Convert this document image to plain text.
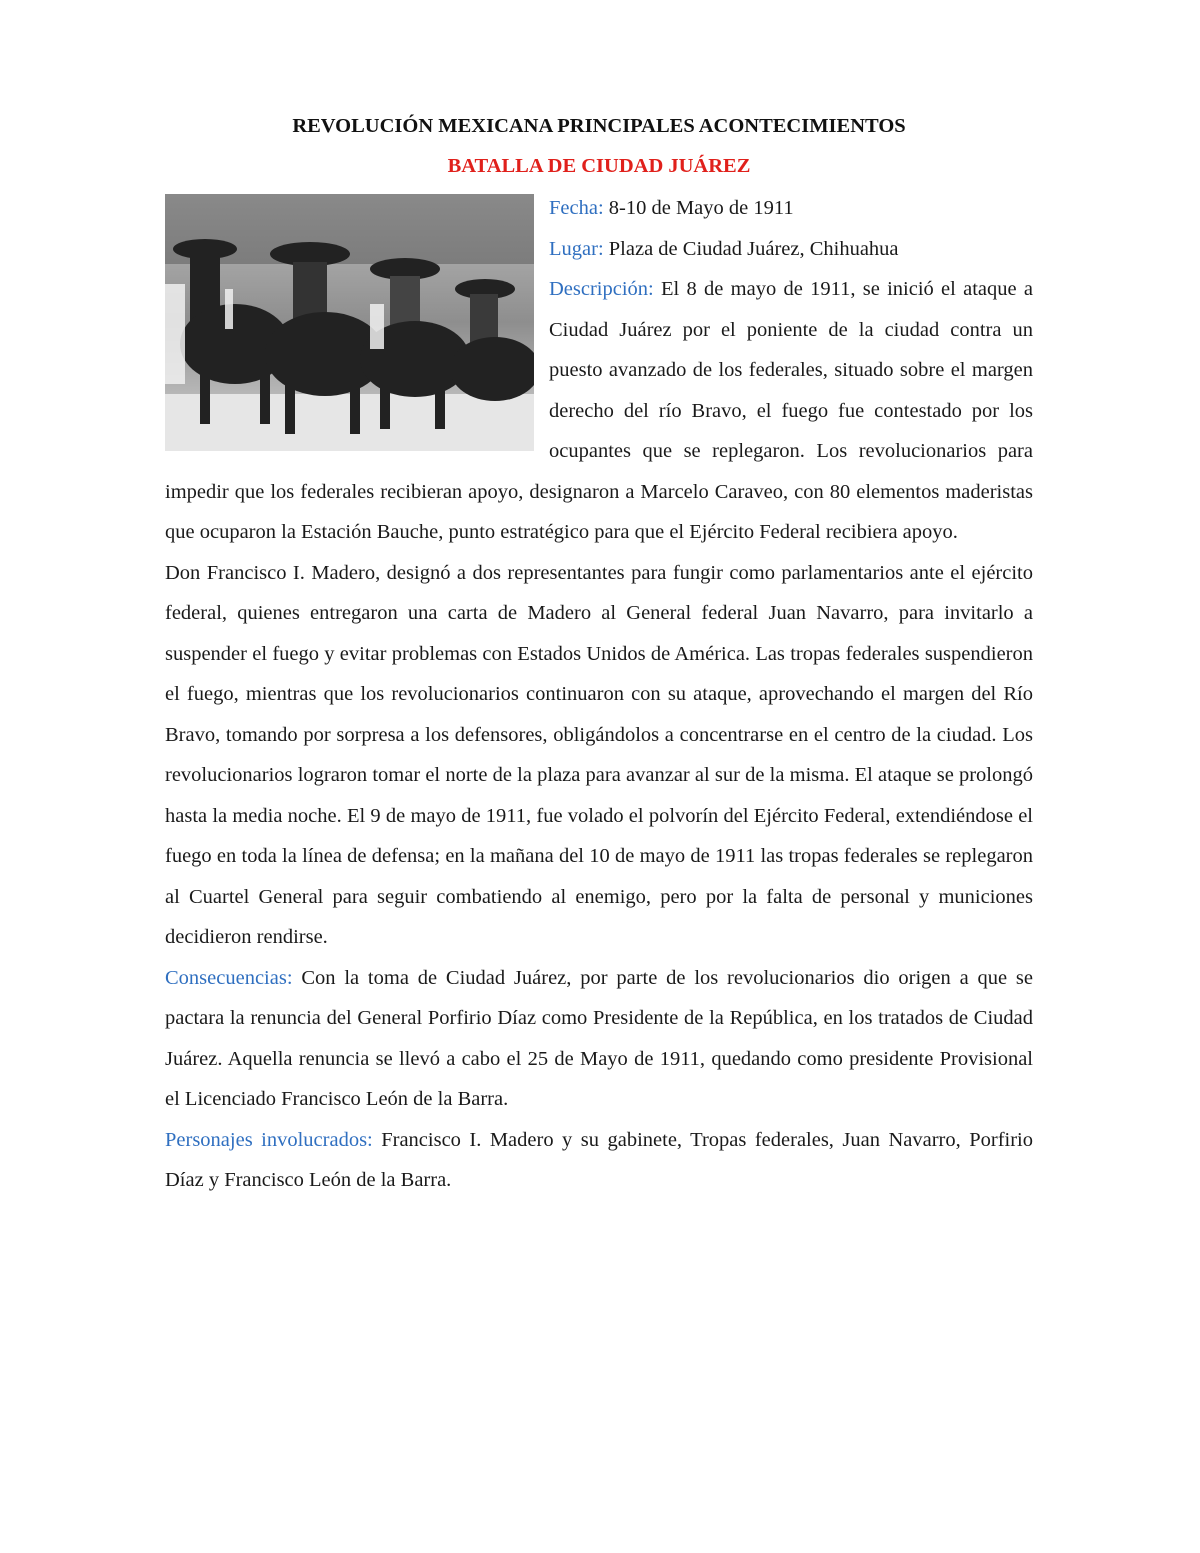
REVOLUCIÓN MEXICANA PRINCIPALES ACONTECIMIENTOS
BATALLA DE CIUDAD JUÁREZ

Fecha: 8-10 de Mayo de 1911

Lugar: Plaza de Ciudad Juárez, Chihuahua

Descripción: El 8 de mayo de 1911, se inició el ataque a Ciudad Juárez por el poniente de la ciudad contra un puesto avanzado de los federales, situado sobre el margen derecho del río Bravo, el fuego fue contestado por los ocupantes que se replegaron. Los revolucionarios para impedir que los federales recibieran apoyo, designaron a Marcelo Caraveo, con 80 elementos maderistas que ocuparon la Estación Bauche, punto estratégico para que el Ejército Federal recibiera apoyo.

Don Francisco I. Madero, designó a dos representantes para fungir como parlamentarios ante el ejército federal, quienes entregaron una carta de Madero al General federal Juan Navarro, para invitarlo a suspender el fuego y evitar problemas con Estados Unidos de América. Las tropas federales suspendieron el fuego, mientras que los revolucionarios continuaron con su ataque, aprovechando el margen del Río Bravo, tomando por sorpresa a los defensores, obligándolos a concentrarse en el centro de la ciudad. Los revolucionarios lograron tomar el norte de la plaza para avanzar al sur de la misma. El ataque se prolongó hasta la media noche. El 9 de mayo de 1911, fue volado el polvorín del Ejército Federal, extendiéndose el fuego en toda la línea de defensa; en la mañana del 10 de mayo de 1911 las tropas federales se replegaron al Cuartel General para seguir combatiendo al enemigo, pero por la falta de personal y municiones decidieron rendirse.

Consecuencias: Con la toma de Ciudad Juárez, por parte de los revolucionarios dio origen a que se pactara la renuncia del General Porfirio Díaz como Presidente de la República, en los tratados de Ciudad Juárez. Aquella renuncia se llevó a cabo el 25 de Mayo de 1911, quedando como presidente Provisional el Licenciado Francisco León de la Barra.

Personajes involucrados: Francisco I. Madero y su gabinete, Tropas federales, Juan Navarro, Porfirio Díaz y Francisco León de la Barra.
